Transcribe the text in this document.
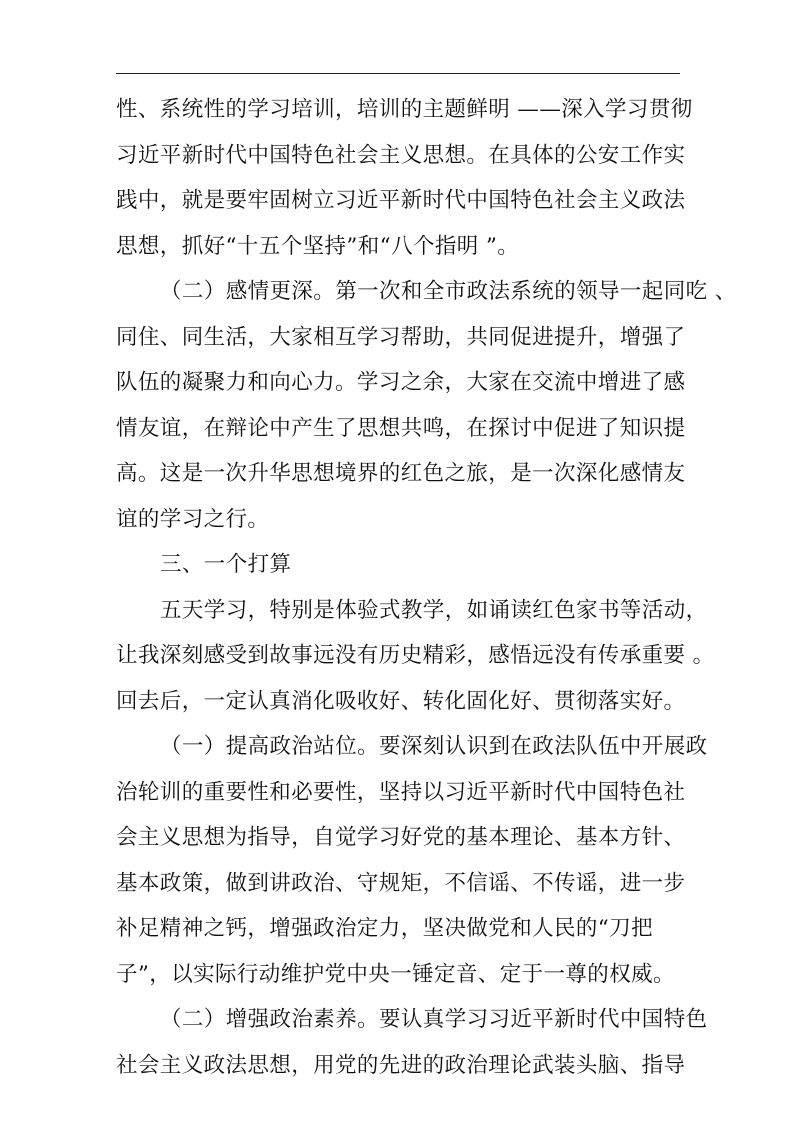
性、系统性的学习培训，培训的主题鲜明 ——深入学习贯彻
习近平新时代中国特色社会主义思想。在具体的公安工作实
践中，就是要牢固树立习近平新时代中国特色社会主义政法
思想，抓好“十五个坚持”和“八个指明 ”。
（二）感情更深。第一次和全市政法系统的领导一起同吃 、
同住、同生活，大家相互学习帮助，共同促进提升，增强了
队伍的凝聚力和向心力。学习之余，大家在交流中增进了感
情友谊，在辩论中产生了思想共鸣，在探讨中促进了知识提
高。这是一次升华思想境界的红色之旅，是一次深化感情友
谊的学习之行。
三、一个打算
五天学习，特别是体验式教学，如诵读红色家书等活动，
让我深刻感受到故事远没有历史精彩，感悟远没有传承重要 。
回去后，一定认真消化吸收好、转化固化好、贯彻落实好。
（一）提高政治站位。要深刻认识到在政法队伍中开展政
治轮训的重要性和必要性，坚持以习近平新时代中国特色社
会主义思想为指导，自觉学习好党的基本理论、基本方针、
基本政策，做到讲政治、守规矩，不信谣、不传谣，进一步
补足精神之钙，增强政治定力，坚决做党和人民的“刀把
子”，以实际行动维护党中央一锤定音、定于一尊的权威。
（二）增强政治素养。要认真学习习近平新时代中国特色
社会主义政法思想，用党的先进的政治理论武装头脑、指导
